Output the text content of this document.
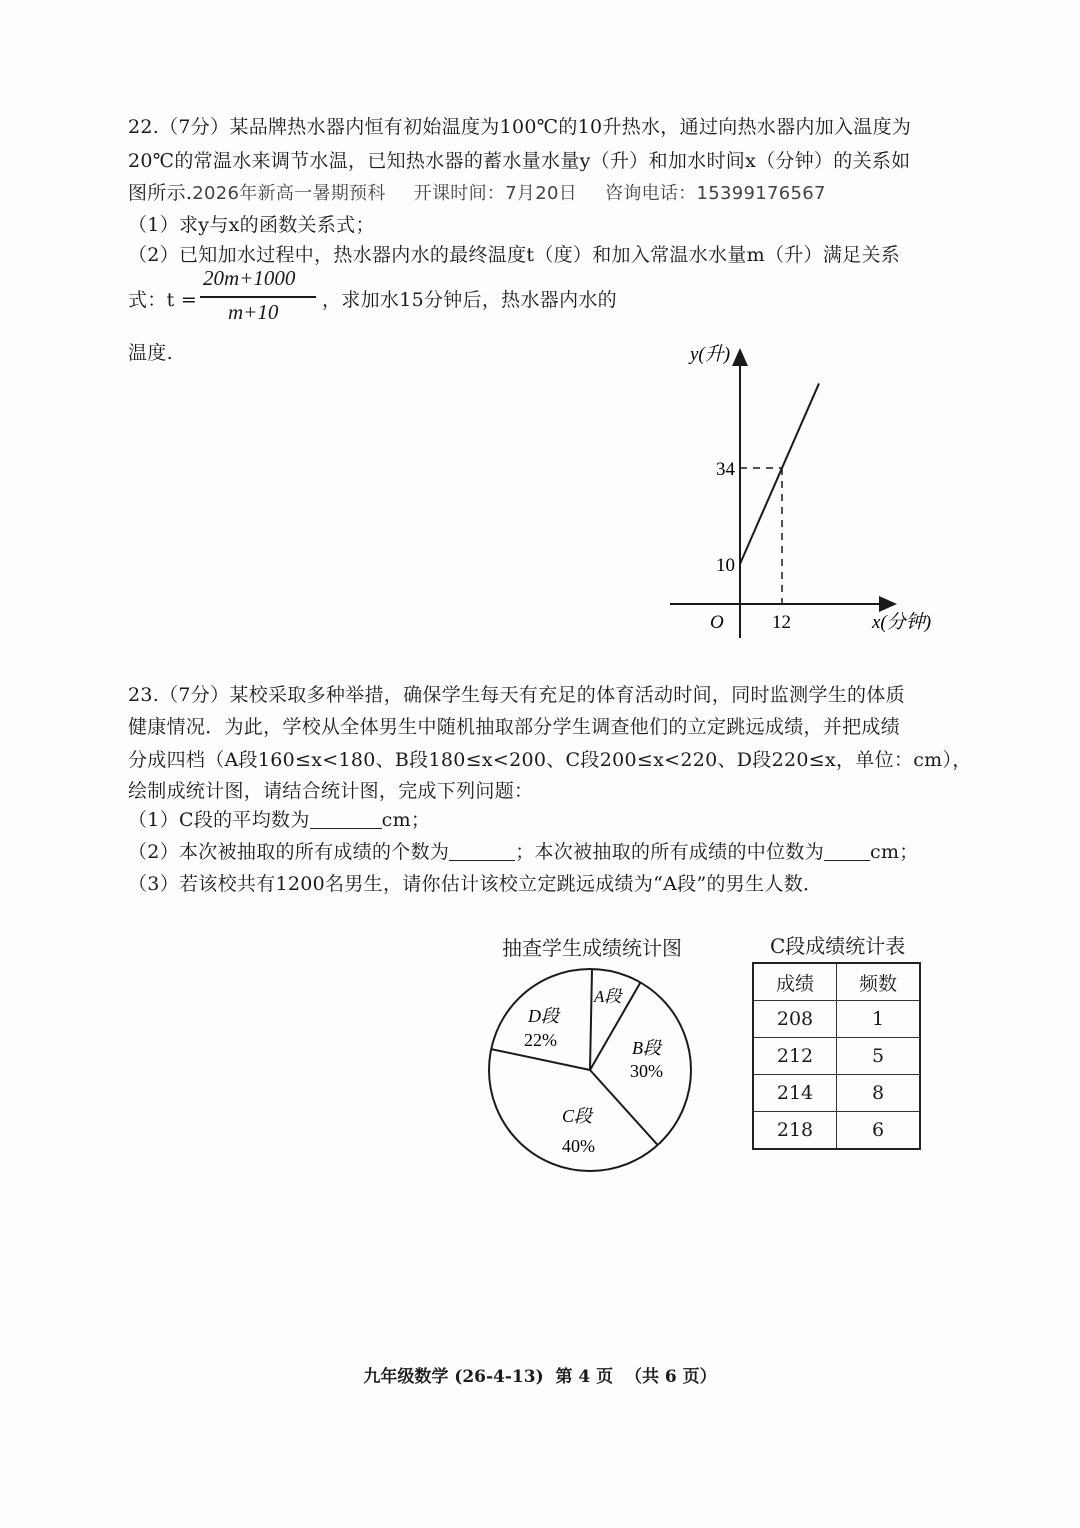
22.（7分）某品牌热水器内恒有初始温度为100℃的10升热水，通过向热水器内加入温度为
20℃的常温水来调节水温，已知热水器的蓄水量水量y（升）和加水时间x（分钟）的关系如
图所示.2026年新高一暑期预科 开课时间：7月20日 咨询电话：15399176567
（1）求y与x的函数关系式；
（2）已知加水过程中，热水器内水的最终温度t（度）和加入常温水水量m（升）满足关系
式：t =
20m+1000
m+10 ，求加水15分钟后，热水器内水的
温度.	y(升)
x(分钟)
O
34
10
12
23.（7分）某校采取多种举措，确保学生每天有充足的体育活动时间，同时监测学生的体质
健康情况．为此，学校从全体男生中随机抽取部分学生调查他们的立定跳远成绩，并把成绩
分成四档（A段160≤x<180、B段180≤x<200、C段200≤x<220、D段220≤x，单位：cm），
绘制成统计图，请结合统计图，完成下列问题：
（1）C段的平均数为	cm；
（2）本次被抽取的所有成绩的个数为	；本次被抽取的所有成绩的中位数为 cm；
（3）若该校共有1200名男生，请你估计该校立定跳远成绩为“A段”的男生人数．
抽查学生成绩统计图
A段
B段
30%
C段
40%
D段
22%
C段成绩统计表
成绩	频数
208	1
212	5
214	8
218	6
九年级数学 (26-4-13)  第 4 页  （共 6 页）
